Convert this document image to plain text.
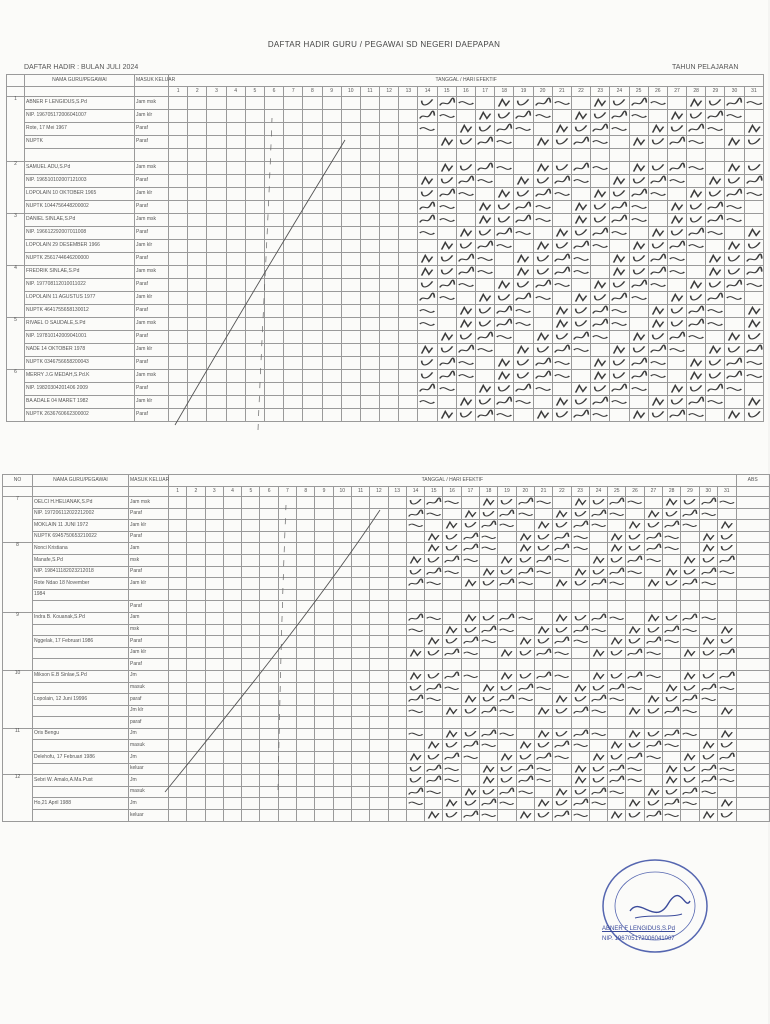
DAFTAR HADIR GURU / PEGAWAI SD NEGERI DAEPAPAN
DAFTAR HADIR : BULAN JULI 2024	TAHUN PELAJARAN
	NAMA GURU/PEGAWAI	MASUK KELUAR	TANGGAL / HARI EFEKTIF																														
			1	2	3	4	5	6	7	8	9	10	11	12	13	14	15	16	17	18	19	20	21	22	23	24	25	26	27	28	29	30	31
1	ABNER F LENGIDUS,S.Pd	Jam msk														

	NIP. 196705172006041007	Jam klr														

	Rote, 17 Mei 1967	Paraf														

	NUPTK	Paraf															

2	SAMUEL ADU,S.Pd	Jam msk															

	NIP. 196510102007121003	Paraf														

	LOPOLAIN 10 OKTOBER 1965	Jam klr														

	NUPTK 1044756448200002	Paraf														

3	DANIEL SINLAE,S.Pd	Jam msk														

	NIP. 196612292007011008	Paraf														

	LOPOLAIN 29 DESEMBER 1966	Jam klr															

	NUPTK 2561744646200000	Paraf														

4	FREDRIK SINLAE,S.Pd	Jam msk														

	NIP. 197708112010011022	Paraf														

	LOPOLAIN 11 AGUSTUS 1977	Jam klr														

	NUPTK 4641755658130012	Paraf														

5	RIVAEL O SAUDALE,S.Pd	Jam msk														

	NIP. 197810142009041001	Paraf															

	NADE 14 OKTOBER 1978	Jam klr														

	NUPTK 0346756658200043	Paraf														

6	MERRY J.G MEDAH,S.Pd.K	Jam msk														

	NIP. 19820304201406 2009	Paraf														

	BA ADALE 04 MARET 1982	Jam klr														

	NUPTK 2636760662300002	Paraf															

NO	NAMA GURU/PEGAWAI	MASUK KELUAR	TANGGAL / HARI EFEKTIF																															ABS
			1	2	3	4	5	6	7	8	9	10	11	12	13	14	15	16	17	18	19	20	21	22	23	24	25	26	27	28	29	30	31	
7	OELCI H.HELIANAK,S.Pd	Jam msk														

	NIP. 197206112022212002	Paraf														

	MOKLAIN 11 JUNI 1972	Jam klr														

	NUPTK 6945750653210022	Paraf															

8	Nonci Kristiana	Jam															

	Manafe,S.Pd	msk														

	NIP. 198411182023212018	Paraf														

	Rote Ndao 18 November	Jam klr														

	1984																																	
		Paraf																																
9	Indra B. Kouanak,S.Pd	Jam														

		msk														

	Nggelak, 17 Februari 1986	Paraf															

		Jam klr														

		Paraf																																
10	Mikson E.B Sinlae,S.Pd	Jm														

		masuk														

	Lopolain, 12 Juni 19996	paraf														

		Jm klr														

		paraf																																
11	Oris Bengu	Jm														

		masuk															

	Delehofu, 17 Februari 1986	Jm														

		keluar														

12	Sebri W. Amalo,A.Ma.Pust	Jm														

		masuk														

	Ho,21 April 1988	Jm														

		keluar															

ABNER F LENGIDUS,S.Pd
NIP. 196705172006041007
